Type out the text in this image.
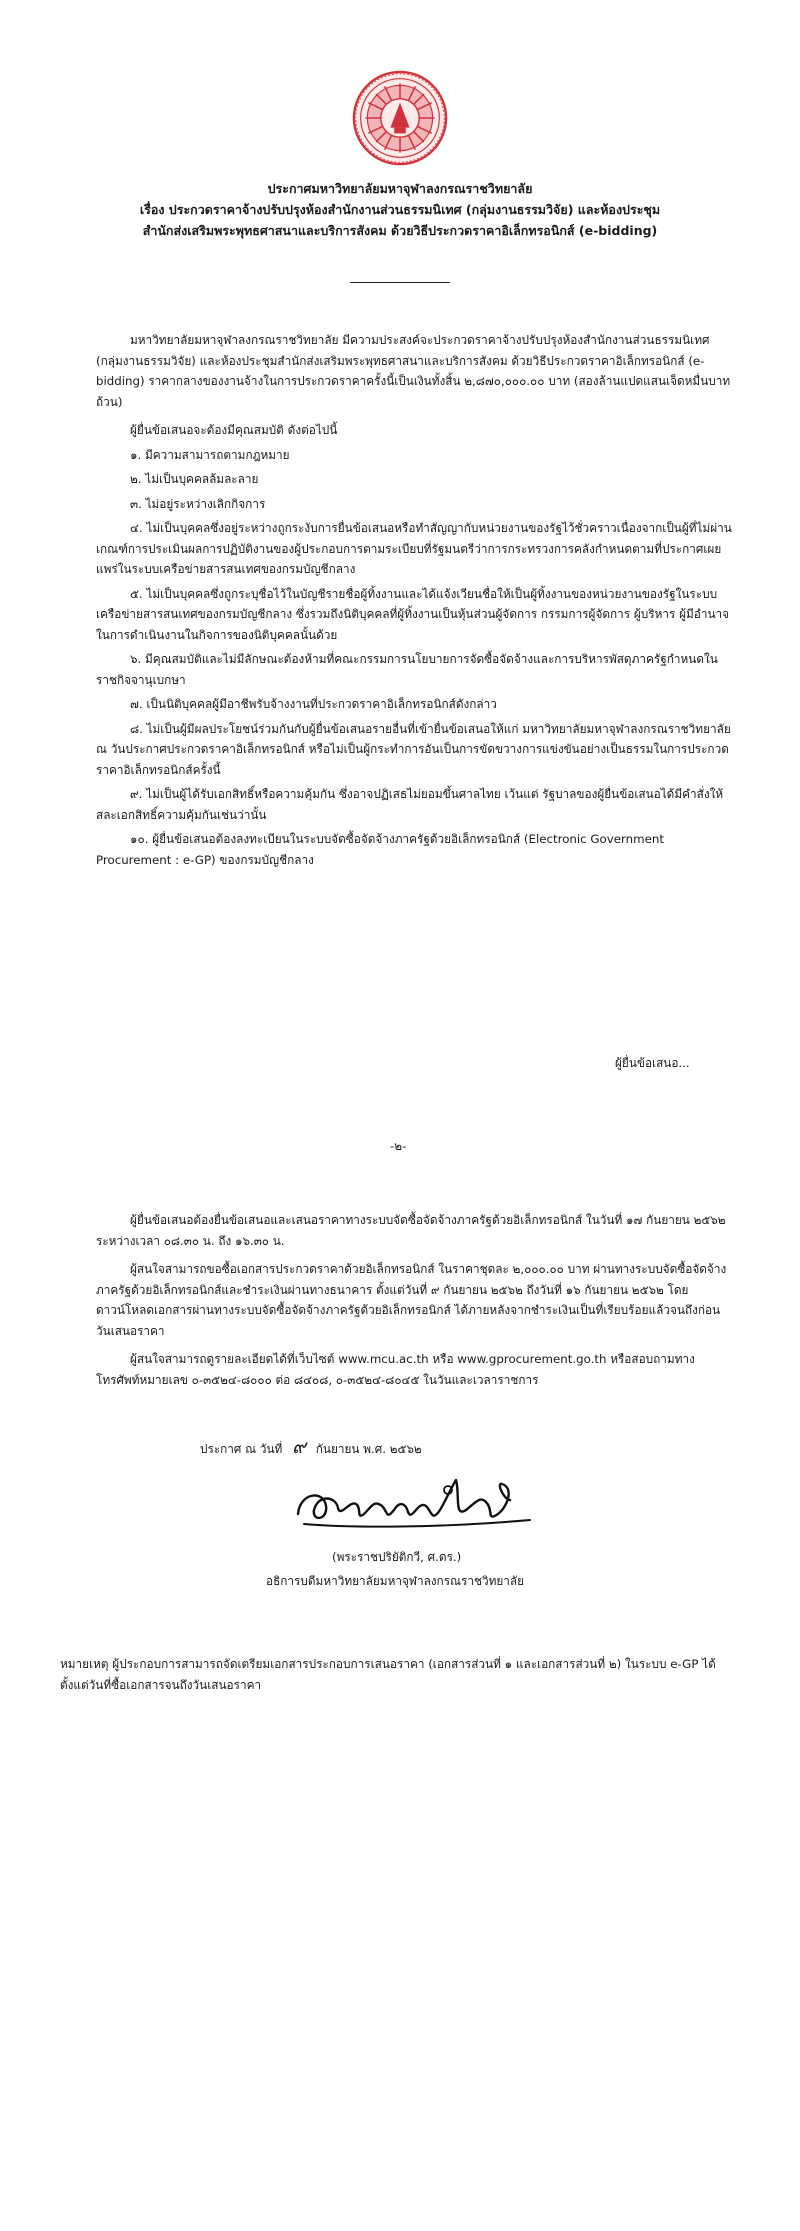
ประกาศมหาวิทยาลัยมหาจุฬาลงกรณราชวิทยาลัย
เรื่อง ประกวดราคาจ้างปรับปรุงห้องสำนักงานส่วนธรรมนิเทศ (กลุ่มงานธรรมวิจัย) และห้องประชุม
สำนักส่งเสริมพระพุทธศาสนาและบริการสังคม ด้วยวิธีประกวดราคาอิเล็กทรอนิกส์ (e-bidding)
มหาวิทยาลัยมหาจุฬาลงกรณราชวิทยาลัย มีความประสงค์จะประกวดราคาจ้างปรับปรุงห้องสำนักงานส่วนธรรมนิเทศ (กลุ่มงานธรรมวิจัย) และห้องประชุมสำนักส่งเสริมพระพุทธศาสนาและบริการสังคม ด้วยวิธีประกวดราคาอิเล็กทรอนิกส์ (e-bidding) ราคากลางของงานจ้างในการประกวดราคาครั้งนี้เป็นเงินทั้งสิ้น ๒,๘๗๐,๐๐๐.๐๐ บาท (สองล้านแปดแสนเจ็ดหมื่นบาทถ้วน)
ผู้ยื่นข้อเสนอจะต้องมีคุณสมบัติ ดังต่อไปนี้
๑. มีความสามารถตามกฎหมาย
๒. ไม่เป็นบุคคลล้มละลาย
๓. ไม่อยู่ระหว่างเลิกกิจการ
๔. ไม่เป็นบุคคลซึ่งอยู่ระหว่างถูกระงับการยื่นข้อเสนอหรือทำสัญญากับหน่วยงานของรัฐไว้ชั่วคราวเนื่องจากเป็นผู้ที่ไม่ผ่านเกณฑ์การประเมินผลการปฏิบัติงานของผู้ประกอบการตามระเบียบที่รัฐมนตรีว่าการกระทรวงการคลังกำหนดตามที่ประกาศเผยแพร่ในระบบเครือข่ายสารสนเทศของกรมบัญชีกลาง
๕. ไม่เป็นบุคคลซึ่งถูกระบุชื่อไว้ในบัญชีรายชื่อผู้ทิ้งงานและได้แจ้งเวียนชื่อให้เป็นผู้ทิ้งงานของหน่วยงานของรัฐในระบบเครือข่ายสารสนเทศของกรมบัญชีกลาง ซึ่งรวมถึงนิติบุคคลที่ผู้ทิ้งงานเป็นหุ้นส่วนผู้จัดการ กรรมการผู้จัดการ ผู้บริหาร ผู้มีอำนาจในการดำเนินงานในกิจการของนิติบุคคลนั้นด้วย
๖. มีคุณสมบัติและไม่มีลักษณะต้องห้ามที่คณะกรรมการนโยบายการจัดซื้อจัดจ้างและการบริหารพัสดุภาครัฐกำหนดในราชกิจจานุเบกษา
๗. เป็นนิติบุคคลผู้มีอาชีพรับจ้างงานที่ประกวดราคาอิเล็กทรอนิกส์ดังกล่าว
๘. ไม่เป็นผู้มีผลประโยชน์ร่วมกันกับผู้ยื่นข้อเสนอรายอื่นที่เข้ายื่นข้อเสนอให้แก่ มหาวิทยาลัยมหาจุฬาลงกรณราชวิทยาลัย ณ วันประกาศประกวดราคาอิเล็กทรอนิกส์ หรือไม่เป็นผู้กระทำการอันเป็นการขัดขวางการแข่งขันอย่างเป็นธรรมในการประกวดราคาอิเล็กทรอนิกส์ครั้งนี้
๙. ไม่เป็นผู้ได้รับเอกสิทธิ์หรือความคุ้มกัน ซึ่งอาจปฏิเสธไม่ยอมขึ้นศาลไทย เว้นแต่ รัฐบาลของผู้ยื่นข้อเสนอได้มีคำสั่งให้สละเอกสิทธิ์ความคุ้มกันเช่นว่านั้น
๑๐. ผู้ยื่นข้อเสนอต้องลงทะเบียนในระบบจัดซื้อจัดจ้างภาครัฐด้วยอิเล็กทรอนิกส์ (Electronic Government Procurement : e-GP) ของกรมบัญชีกลาง
ผู้ยื่นข้อเสนอ...
-๒-
ผู้ยื่นข้อเสนอต้องยื่นข้อเสนอและเสนอราคาทางระบบจัดซื้อจัดจ้างภาครัฐด้วยอิเล็กทรอนิกส์ ในวันที่ ๑๗ กันยายน ๒๕๖๒ ระหว่างเวลา ๐๘.๓๐ น. ถึง ๑๖.๓๐ น.
ผู้สนใจสามารถขอซื้อเอกสารประกวดราคาด้วยอิเล็กทรอนิกส์ ในราคาชุดละ ๒,๐๐๐.๐๐ บาท ผ่านทางระบบจัดซื้อจัดจ้างภาครัฐด้วยอิเล็กทรอนิกส์และชำระเงินผ่านทางธนาคาร ตั้งแต่วันที่ ๙ กันยายน ๒๕๖๒ ถึงวันที่ ๑๖ กันยายน ๒๕๖๒ โดยดาวน์โหลดเอกสารผ่านทางระบบจัดซื้อจัดจ้างภาครัฐด้วยอิเล็กทรอนิกส์ ได้ภายหลังจากชำระเงินเป็นที่เรียบร้อยแล้วจนถึงก่อนวันเสนอราคา
ผู้สนใจสามารถดูรายละเอียดได้ที่เว็บไซต์ www.mcu.ac.th หรือ www.gprocurement.go.th หรือสอบถามทางโทรศัพท์หมายเลข ๐-๓๕๒๔-๘๐๐๐ ต่อ ๘๔๐๘, ๐-๓๕๒๔-๘๐๔๕ ในวันและเวลาราชการ
ประกาศ ณ วันที่ ๙ กันยายน พ.ศ. ๒๕๖๒
(พระราชปริยัติกวี, ศ.ดร.)
อธิการบดีมหาวิทยาลัยมหาจุฬาลงกรณราชวิทยาลัย
หมายเหตุ ผู้ประกอบการสามารถจัดเตรียมเอกสารประกอบการเสนอราคา (เอกสารส่วนที่ ๑ และเอกสารส่วนที่ ๒) ในระบบ e-GP ได้ตั้งแต่วันที่ซื้อเอกสารจนถึงวันเสนอราคา
